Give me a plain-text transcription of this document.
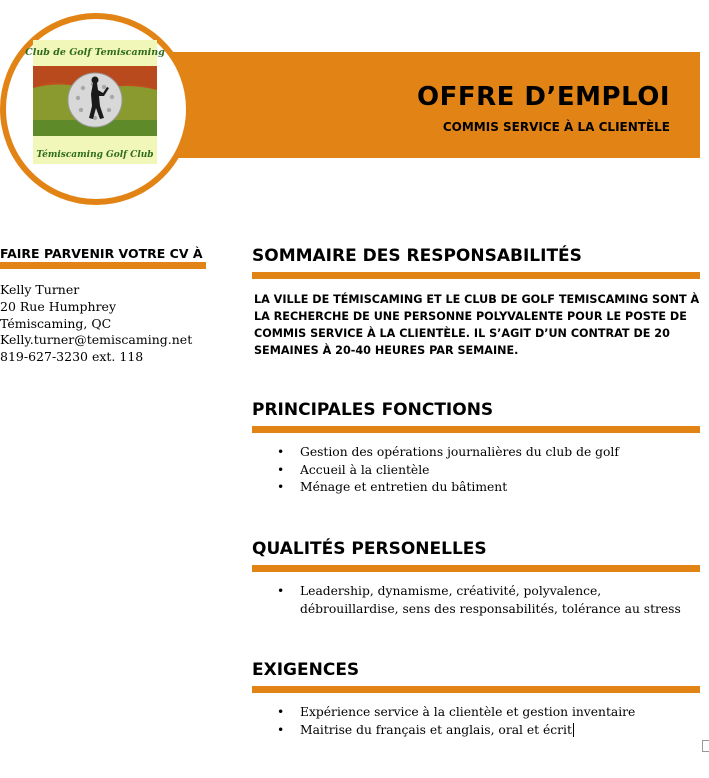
OFFRE D’EMPLOI
COMMIS SERVICE À LA CLIENTÈLE
Club de Golf Temiscaming
Témiscaming Golf Club
FAIRE PARVENIR VOTRE CV À
Kelly Turner
20 Rue Humphrey
Témiscaming, QC
Kelly.turner@temiscaming.net
819-627-3230 ext. 118
SOMMAIRE DES RESPONSABILITÉS
LA VILLE DE TÉMISCAMING ET LE CLUB DE GOLF TEMISCAMING SONT À LA RECHERCHE DE UNE PERSONNE POLYVALENTE POUR LE POSTE DE COMMIS SERVICE À LA CLIENTÈLE. IL S’AGIT D’UN CONTRAT DE 20 SEMAINES À 20-40 HEURES PAR SEMAINE.
PRINCIPALES FONCTIONS
• Gestion des opérations journalières du club de golf
• Accueil à la clientèle
• Ménage et entretien du bâtiment
QUALITÉS PERSONELLES
• Leadership, dynamisme, créativité, polyvalence, débrouillardise, sens des responsabilités, tolérance au stress
EXIGENCES
• Expérience service à la clientèle et gestion inventaire
• Maitrise du français et anglais, oral et écrit
